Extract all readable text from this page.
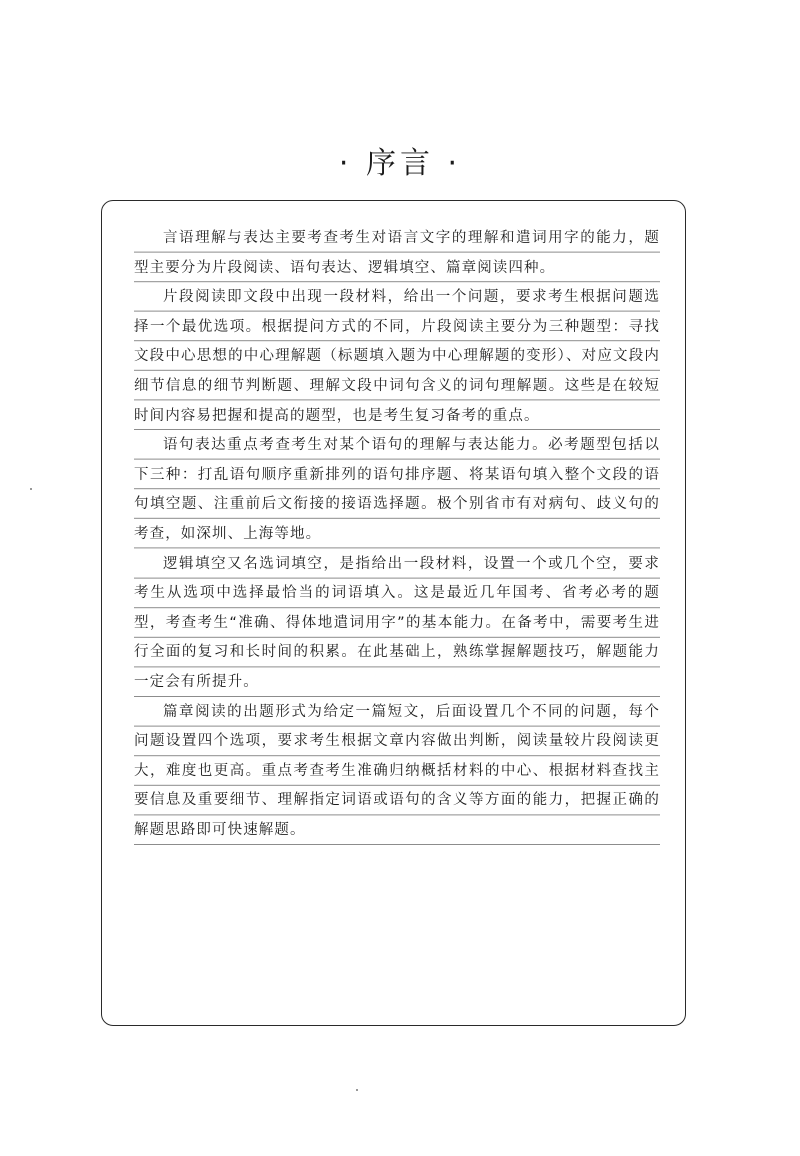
· 序言 ·

言语理解与表达主要考查考生对语言文字的理解和遣词用字的能力，题型主要分为片段阅读、语句表达、逻辑填空、篇章阅读四种。

片段阅读即文段中出现一段材料，给出一个问题，要求考生根据问题选择一个最优选项。根据提问方式的不同，片段阅读主要分为三种题型：寻找文段中心思想的中心理解题（标题填入题为中心理解题的变形）、对应文段内细节信息的细节判断题、理解文段中词句含义的词句理解题。这些是在较短时间内容易把握和提高的题型，也是考生复习备考的重点。

语句表达重点考查考生对某个语句的理解与表达能力。必考题型包括以下三种：打乱语句顺序重新排列的语句排序题、将某语句填入整个文段的语句填空题、注重前后文衔接的接语选择题。极个别省市有对病句、歧义句的考查，如深圳、上海等地。

逻辑填空又名选词填空，是指给出一段材料，设置一个或几个空，要求考生从选项中选择最恰当的词语填入。这是最近几年国考、省考必考的题型，考查考生“准确、得体地遣词用字”的基本能力。在备考中，需要考生进行全面的复习和长时间的积累。在此基础上，熟练掌握解题技巧，解题能力一定会有所提升。

篇章阅读的出题形式为给定一篇短文，后面设置几个不同的问题，每个问题设置四个选项，要求考生根据文章内容做出判断，阅读量较片段阅读更大，难度也更高。重点考查考生准确归纳概括材料的中心、根据材料查找主要信息及重要细节、理解指定词语或语句的含义等方面的能力，把握正确的解题思路即可快速解题。
